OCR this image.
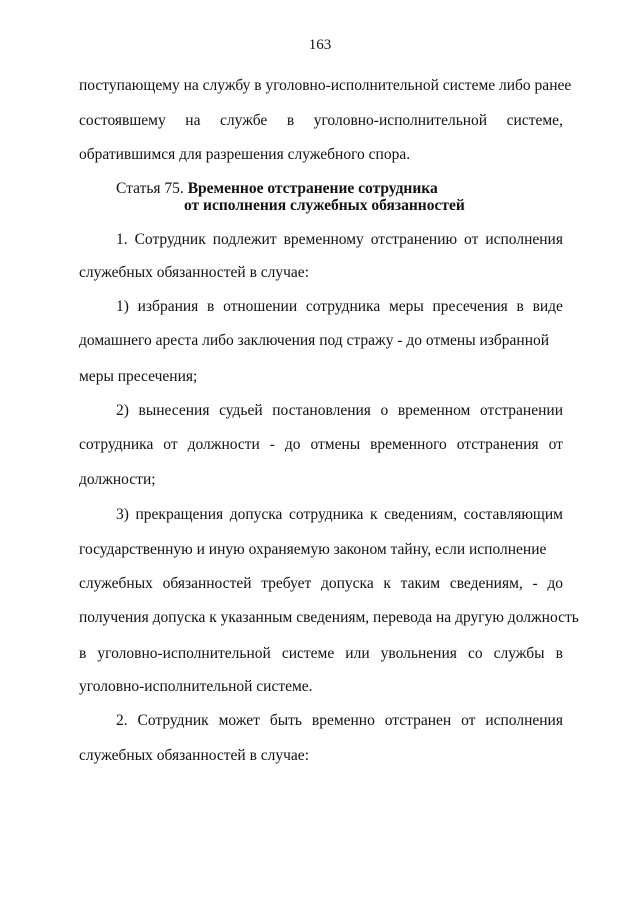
163
поступающему на службу в уголовно-исполнительной системе либо ранее
состоявшему на службе в уголовно-исполнительной системе,
обратившимся для разрешения служебного спора.
Статья 75. Временное отстранение сотрудника
от исполнения служебных обязанностей
1. Сотрудник подлежит временному отстранению от исполнения
служебных обязанностей в случае:
1) избрания в отношении сотрудника меры пресечения в виде
домашнего ареста либо заключения под стражу - до отмены избранной
меры пресечения;
2) вынесения судьей постановления о временном отстранении
сотрудника от должности - до отмены временного отстранения от
должности;
3) прекращения допуска сотрудника к сведениям, составляющим
государственную и иную охраняемую законом тайну, если исполнение
служебных обязанностей требует допуска к таким сведениям, - до
получения допуска к указанным сведениям, перевода на другую должность
в уголовно-исполнительной системе или увольнения со службы в
уголовно-исполнительной системе.
2. Сотрудник может быть временно отстранен от исполнения
служебных обязанностей в случае:
